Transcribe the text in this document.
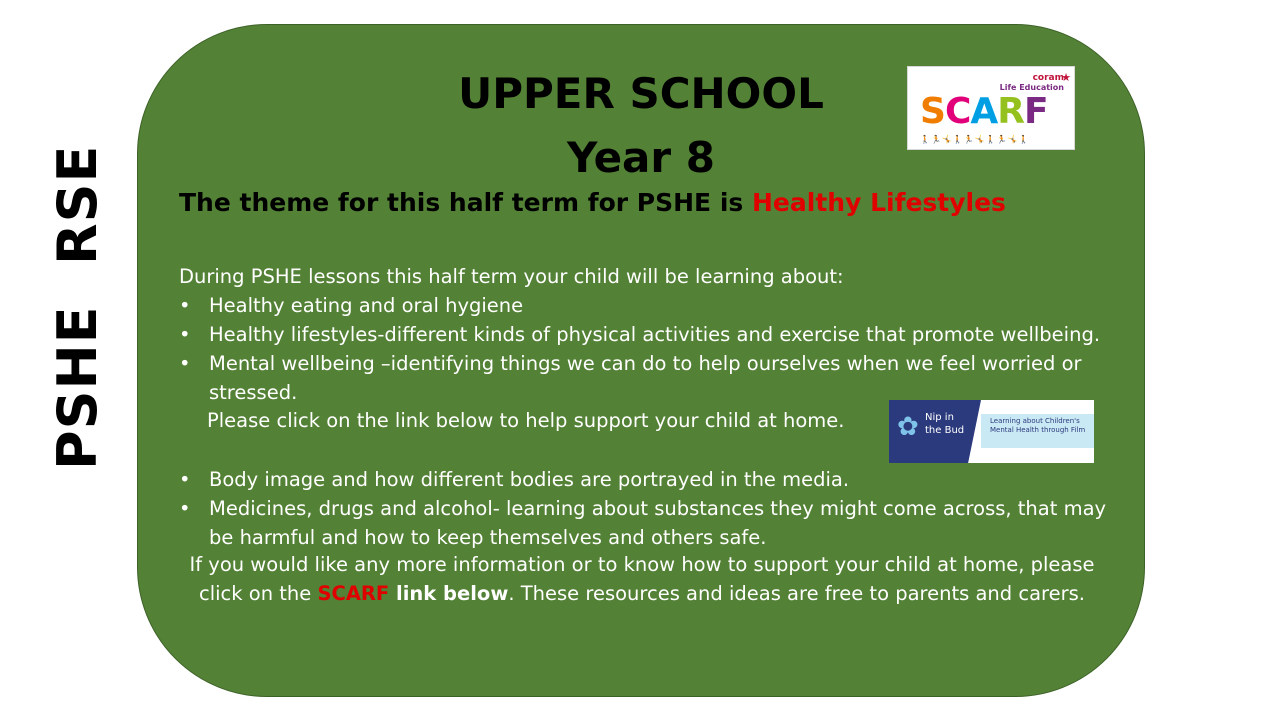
PSHE
RSE
UPPER SCHOOL
Year 8
★
coram
Life Education
SCARF
🚶🏃🤸🚶🏃🤸🚶🏃🤸🚶
The theme for this half term for PSHE is Healthy Lifestyles
During PSHE lessons this half term your child will be learning about:
• Healthy eating and oral hygiene
• Healthy lifestyles-different kinds of physical activities and exercise that promote wellbeing.
• Mental wellbeing –identifying things we can do to help ourselves when we feel worried or stressed.
Please click on the link below to help support your child at home. ✿ Nip in
the Bud
Learning about Children's Mental Health through Film
• Body image and how different bodies are portrayed in the media.
• Medicines, drugs and alcohol- learning about substances they might come across, that may be harmful and how to keep themselves and others safe.
If you would like any more information or to know how to support your child at home, please click on the SCARF link below. These resources and ideas are free to parents and carers.
